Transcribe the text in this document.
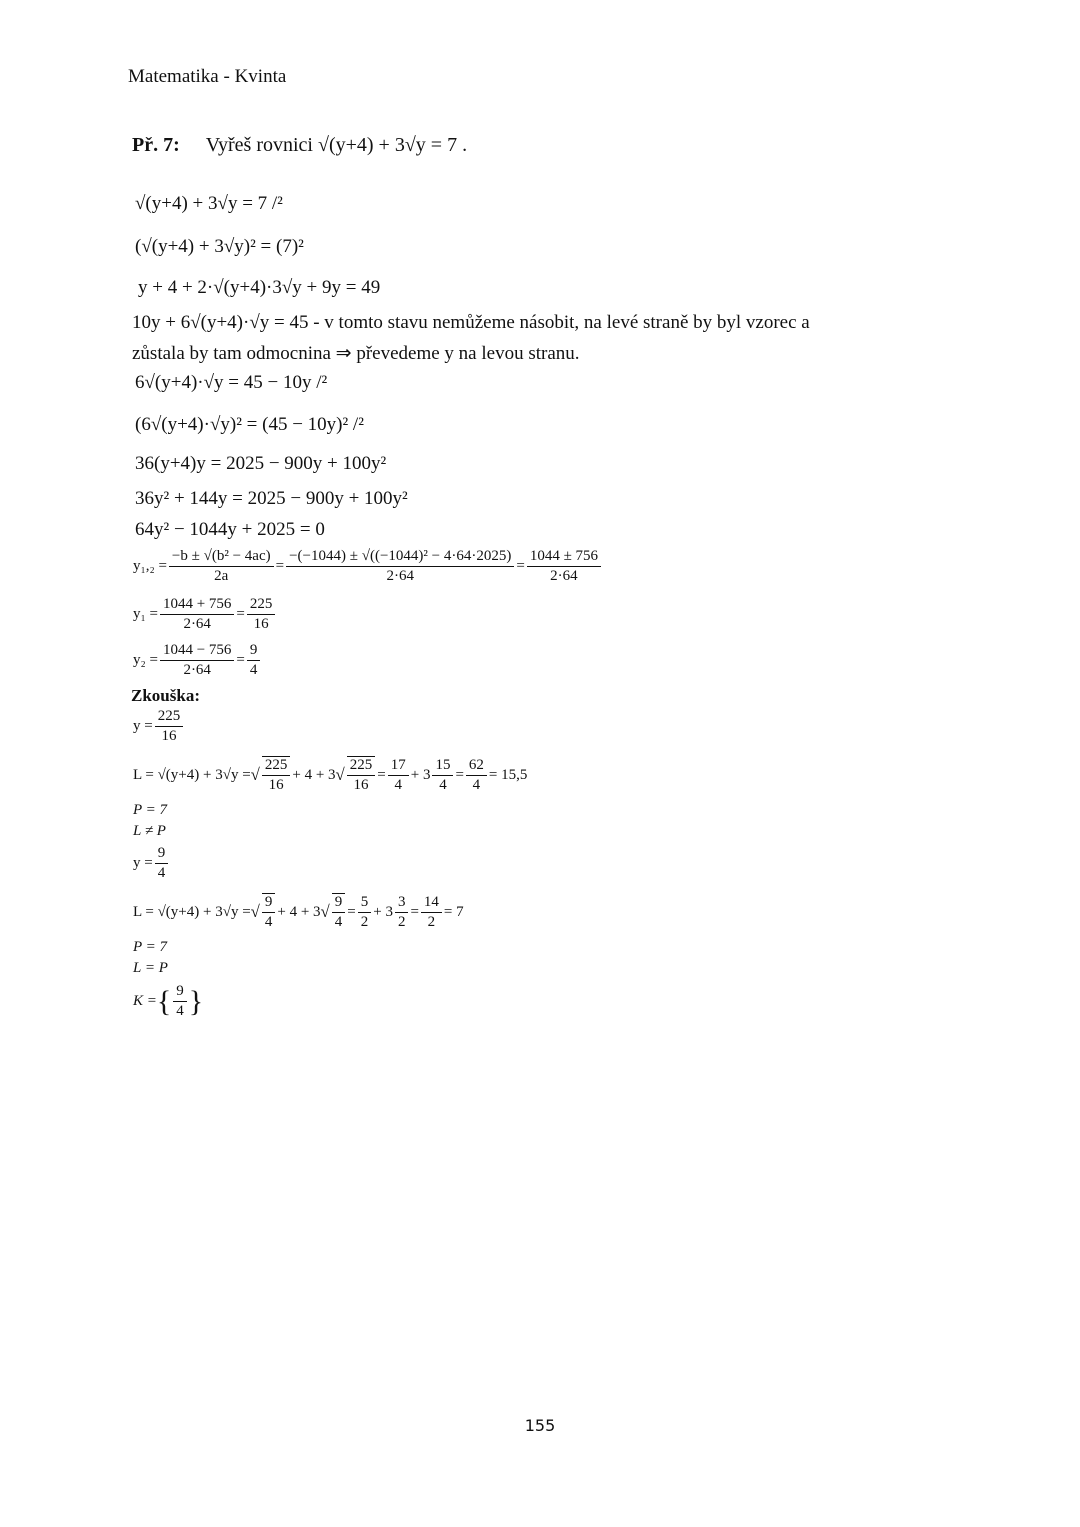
Matematika - Kvinta
Př. 7: Vyřeš rovnici √(y+4) + 3√y = 7 .
√(y+4) + 3√y = 7 /²
(√(y+4) + 3√y)² = (7)²
y + 4 + 2·√(y+4)·3√y + 9y = 49
10y + 6√(y+4)·√y = 45 - v tomto stavu nemůžeme násobit, na levé straně by byl vzorec a
zůstala by tam odmocnina ⇒ převedeme y na levou stranu.
6√(y+4)·√y = 45 − 10y /²
(6√(y+4)·√y)² = (45 − 10y)² /²
36(y+4)y = 2025 − 900y + 100y²
36y² + 144y = 2025 − 900y + 100y²
64y² − 1044y + 2025 = 0
$y_1,_2 = \frac{\text{−b ± √(b² − 4ac)}}{2a} = \frac{\text{−(−1044) ± √((−1044)² − 4·64·2025)}}{2\cdot 64} = \frac{1044 \pm 756}{2\cdot 64}$
$y_1 = \frac{1044 + 756}{2\cdot 64} = \frac{225}{16}$
$y_2 = \frac{1044 - 756}{2\cdot 64} = \frac{9}{4}$
Zkouška:
$y = \frac{225}{16}$
L = √(y+4) + 3√y = √ $\frac{225}{16} + 4 + 3$ √ $\frac{225}{16} = \frac{17}{4} + 3 \frac{15}{4} = \frac{62}{4} = 15,5$
P = 7
L ≠ P
$y = \frac{9}{4}$
L = √(y+4) + 3√y = √ $\frac{9}{4} + 4 + 3$ √ $\frac{9}{4} = \frac{5}{2} + 3 \frac{3}{2} = \frac{14}{2} = 7$
P = 7
L = P
K = { $\frac{9}{4}$ }
155
